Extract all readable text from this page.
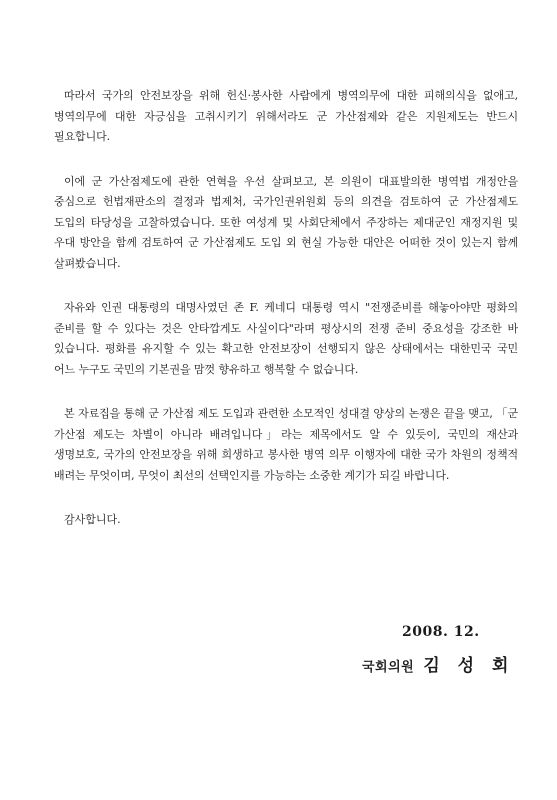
따라서 국가의 안전보장을 위해 헌신·봉사한 사람에게 병역의무에 대한 피해의식을 없애고, 병역의무에 대한 자긍심을 고취시키기 위해서라도 군 가산점제와 같은 지원제도는 반드시 필요합니다.

이에 군 가산점제도에 관한 연혁을 우선 살펴보고, 본 의원이 대표발의한 병역법 개정안을 중심으로 헌법재판소의 결정과 법제처, 국가인권위원회 등의 의견을 검토하여 군 가산점제도 도입의 타당성을 고찰하였습니다. 또한 여성계 및 사회단체에서 주장하는 제대군인 재정지원 및 우대 방안을 함께 검토하여 군 가산점제도 도입 외 현실 가능한 대안은 어떠한 것이 있는지 함께 살펴봤습니다.

자유와 인권 대통령의 대명사였던 존 F. 케네디 대통령 역시 "전쟁준비를 해놓아야만 평화의 준비를 할 수 있다는 것은 안타깝게도 사실이다"라며 평상시의 전쟁 준비 중요성을 강조한 바 있습니다. 평화를 유지할 수 있는 확고한 안전보장이 선행되지 않은 상태에서는 대한민국 국민 어느 누구도 국민의 기본권을 맘껏 향유하고 행복할 수 없습니다.

본 자료집을 통해 군 가산점 제도 도입과 관련한 소모적인 성대결 양상의 논쟁은 끝을 맺고, 「군 가산점 제도는 차별이 아니라 배려입니다」라는 제목에서도 알 수 있듯이, 국민의 재산과 생명보호, 국가의 안전보장을 위해 희생하고 봉사한 병역 의무 이행자에 대한 국가 차원의 정책적 배려는 무엇이며, 무엇이 최선의 선택인지를 가능하는 소중한 계기가 되길 바랍니다.

감사합니다.

2008. 12.
국회의원 김 성 회
